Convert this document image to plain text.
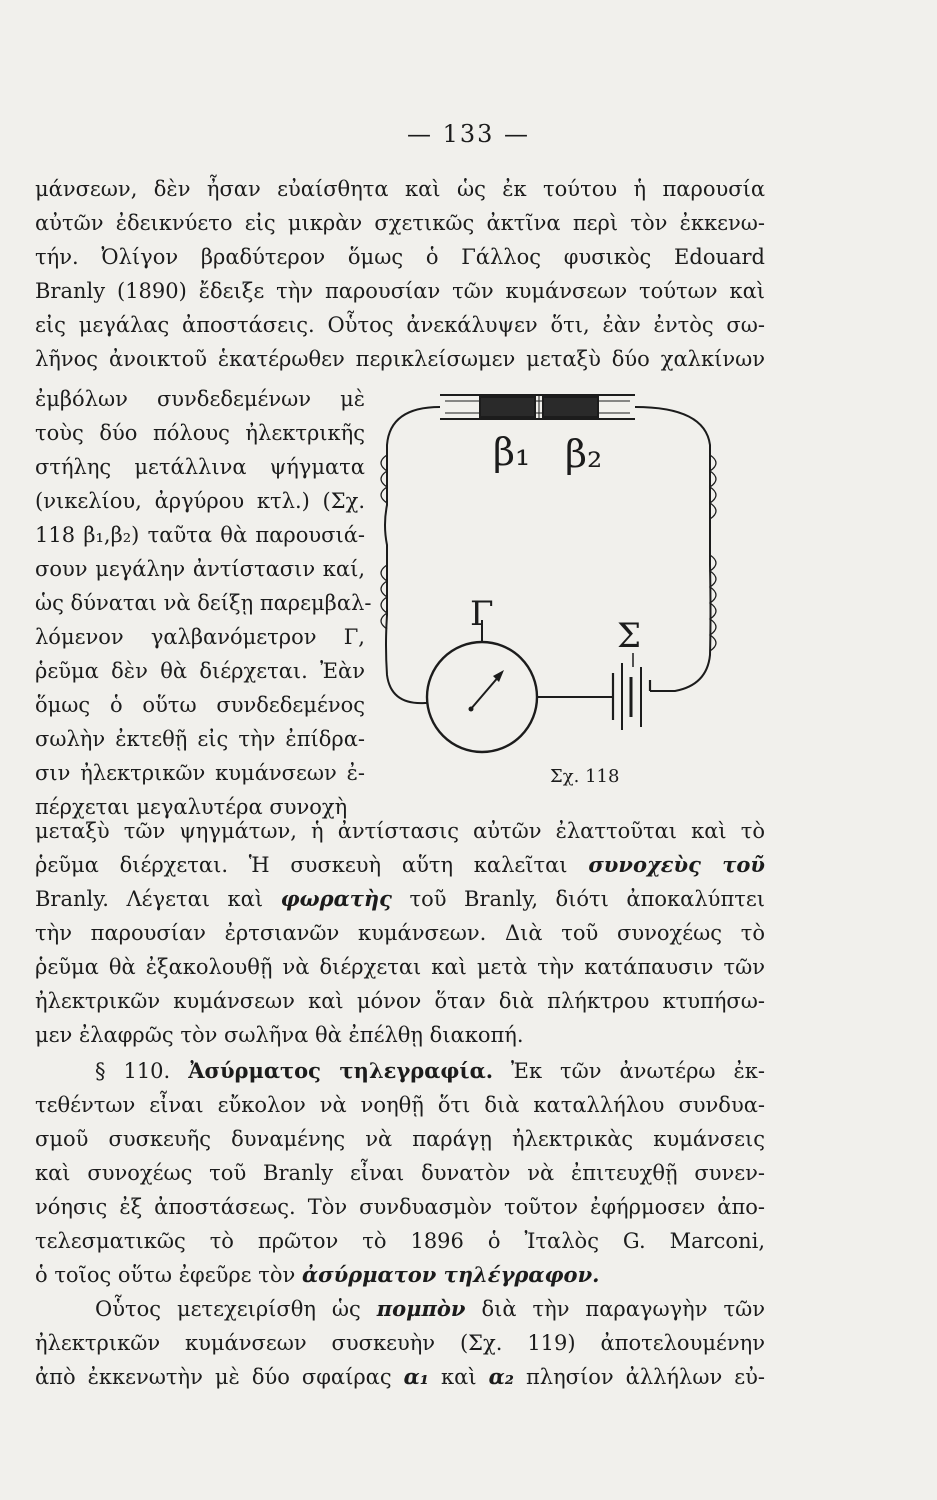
— 133 —
μάνσεων, δὲν ἦσαν εὐαίσθητα καὶ ὡς ἐκ τούτου ἡ παρουσία
αὐτῶν ἐδεικνύετο εἰς μικρὰν σχετικῶς ἀκτῖνα περὶ τὸν ἐκκενω-
τήν. Ὀλίγον βραδύτερον ὅμως ὁ Γάλλος φυσικὸς Edouard
Branly (1890) ἔδειξε τὴν παρουσίαν τῶν κυμάνσεων τούτων καὶ
εἰς μεγάλας ἀποστάσεις. Οὗτος ἀνεκάλυψεν ὅτι, ἐὰν ἐντὸς σω-
λῆνος ἀνοικτοῦ ἑκατέρωθεν περικλείσωμεν μεταξὺ δύο χαλκίνων
ἐμβόλων συνδεδεμένων μὲ
τοὺς δύο πόλους ἠλεκτρικῆς
στήλης μετάλλινα ψήγματα
(νικελίου, ἀργύρου κτλ.) (Σχ.
118 β₁,β₂) ταῦτα θὰ παρουσιά-
σουν μεγάλην ἀντίστασιν καί,
ὡς δύναται νὰ δείξῃ παρεμβαλ-
λόμενον γαλβανόμετρον Γ,
ῥεῦμα δὲν θὰ διέρχεται. Ἐὰν
ὅμως ὁ οὕτω συνδεδεμένος
σωλὴν ἐκτεθῇ εἰς τὴν ἐπίδρα-
σιν ἠλεκτρικῶν κυμάνσεων ἐ-
πέρχεται μεγαλυτέρα συνοχὴ
β₁ β₂
Γ
Σ
Σχ. 118
μεταξὺ τῶν ψηγμάτων, ἡ ἀντίστασις αὐτῶν ἐλαττοῦται καὶ τὸ
ῥεῦμα διέρχεται. Ἡ συσκευὴ αὕτη καλεῖται συνοχεὺς τοῦ
Branly. Λέγεται καὶ φωρατὴς τοῦ Branly, διότι ἀποκαλύπτει
τὴν παρουσίαν ἐρτσιανῶν κυμάνσεων. Διὰ τοῦ συνοχέως τὸ
ῥεῦμα θὰ ἐξακολουθῇ νὰ διέρχεται καὶ μετὰ τὴν κατάπαυσιν τῶν
ἠλεκτρικῶν κυμάνσεων καὶ μόνον ὅταν διὰ πλήκτρου κτυπήσω-
μεν ἐλαφρῶς τὸν σωλῆνα θὰ ἐπέλθῃ διακοπή.
§ 110. Ἀσύρματος τηλεγραφία. Ἐκ τῶν ἀνωτέρω ἐκ-
τεθέντων εἶναι εὔκολον νὰ νοηθῇ ὅτι διὰ καταλλήλου συνδυα-
σμοῦ συσκευῆς δυναμένης νὰ παράγῃ ἠλεκτρικὰς κυμάνσεις
καὶ συνοχέως τοῦ Branly εἶναι δυνατὸν νὰ ἐπιτευχθῇ συνεν-
νόησις ἐξ ἀποστάσεως. Τὸν συνδυασμὸν τοῦτον ἐφήρμοσεν ἀπο-
τελεσματικῶς τὸ πρῶτον τὸ 1896 ὁ Ἰταλὸς G. Marconi,
ὁ τοῖος οὕτω ἐφεῦρε τὸν ἀσύρματον τηλέγραφον.
Οὗτος μετεχειρίσθη ὡς πομπὸν διὰ τὴν παραγωγὴν τῶν
ἠλεκτρικῶν κυμάνσεων συσκευὴν (Σχ. 119) ἀποτελουμένην
ἀπὸ ἐκκενωτὴν μὲ δύο σφαίρας α₁ καὶ α₂ πλησίον ἀλλήλων εὐ-
